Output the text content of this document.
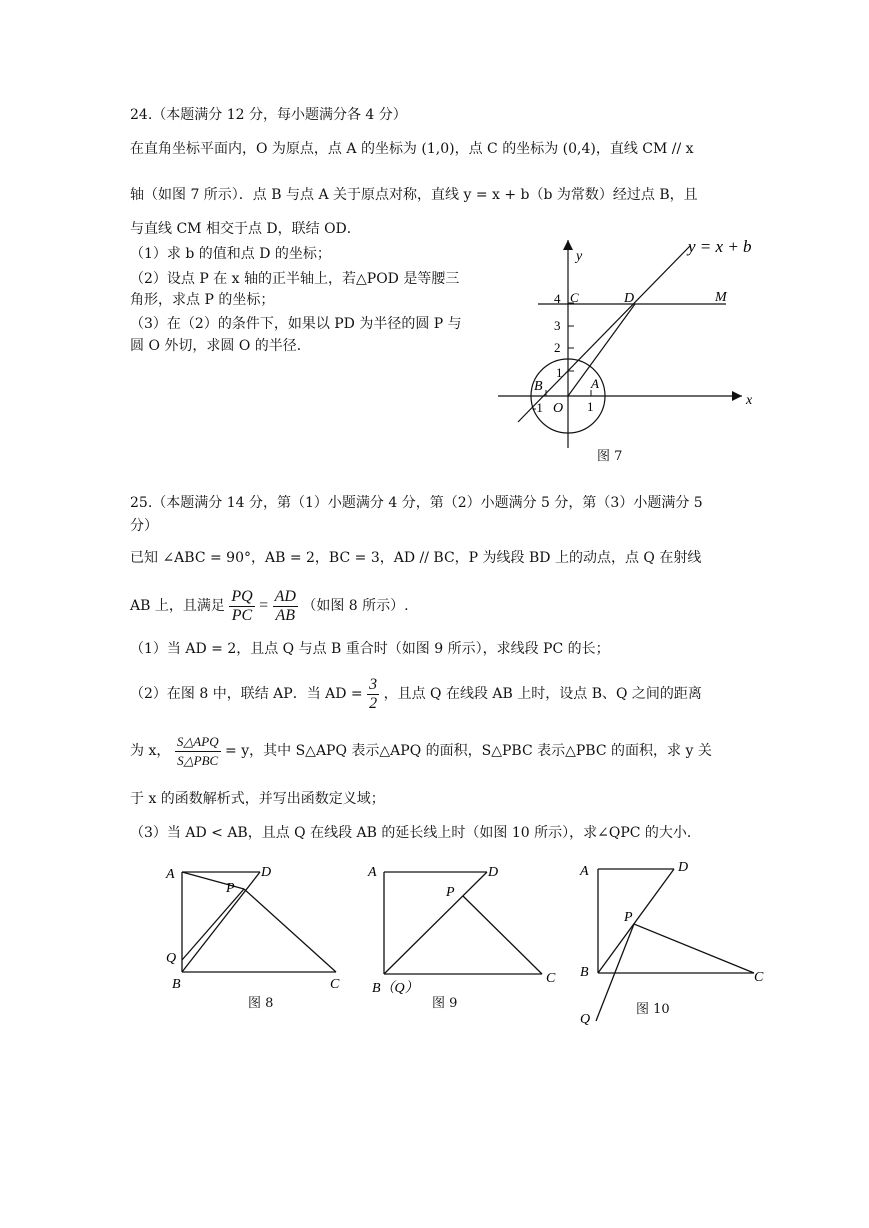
24.（本题满分 12 分，每小题满分各 4 分）
在直角坐标平面内，O 为原点，点 A 的坐标为 (1,0)，点 C 的坐标为 (0,4)，直线 CM // x
轴（如图 7 所示）．点 B 与点 A 关于原点对称，直线 y = x + b（b 为常数）经过点 B，且
与直线 CM 相交于点 D，联结 OD．
（1）求 b 的值和点 D 的坐标；
（2）设点 P 在 x 轴的正半轴上，若△POD 是等腰三
角形，求点 P 的坐标；
（3）在（2）的条件下，如果以 PD 为半径的圆 P 与
圆 O 外切，求圆 O 的半径．
y = x + b
y
x
4 C	D	M
3
2
1
B	A
-1 O 1
图 7
25.（本题满分 14 分，第（1）小题满分 4 分，第（2）小题满分 5 分，第（3）小题满分 5
分）
已知 ∠ABC = 90°，AB = 2，BC = 3，AD // BC，P 为线段 BD 上的动点，点 Q 在射线
AB 上，且满足 $\frac{PQ}{PC} = \frac{AD}{AB}$ （如图 8 所示）.
（1）当 AD = 2，且点 Q 与点 B 重合时（如图 9 所示），求线段 PC 的长；
（2）在图 8 中，联结 AP．当 AD = $\frac{3}{2}$ ，且点 Q 在线段 AB 上时，设点 B、Q 之间的距离
为 x， $\frac{\text{S△APQ}}{\text{S△PBC}} = y$，其中 S△APQ 表示△APQ 的面积，S△PBC 表示△PBC 的面积，求 y 关
于 x 的函数解析式，并写出函数定义域；
（3）当 AD < AB，且点 Q 在线段 AB 的延长线上时（如图 10 所示），求∠QPC 的大小．
A	D
P
Q
B	C
图 8
A	D
P
B（Q）
C
图 9
A	D
P
B	C
Q
图 10
